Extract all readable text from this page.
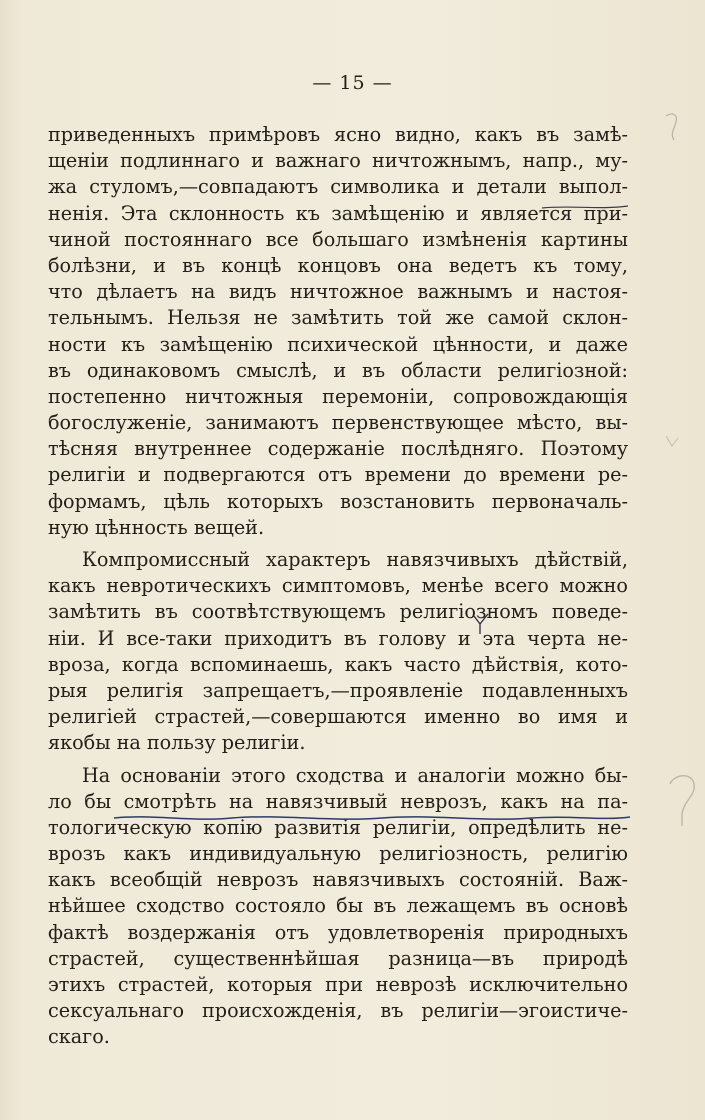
— 15 —
приведенныхъ примѣровъ ясно видно, какъ въ замѣ-
щеніи подлиннаго и важнаго ничтожнымъ, напр., му-
жа стуломъ,—совпадаютъ символика и детали выпол-
ненія. Эта склонность къ замѣщенію и является при-
чиной постояннаго все большаго измѣненія картины
болѣзни, и въ концѣ концовъ она ведетъ къ тому,
что дѣлаетъ на видъ ничтожное важнымъ и настоя-
тельнымъ. Нельзя не замѣтить той же самой склон-
ности къ замѣщенію психической цѣнности, и даже
въ одинаковомъ смыслѣ, и въ области религіозной:
постепенно ничтожныя перемоніи, сопровождающія
богослуженіе, занимаютъ первенствующее мѣсто, вы-
тѣсняя внутреннее содержаніе послѣдняго. Поэтому
религіи и подвергаются отъ времени до времени ре-
формамъ, цѣль которыхъ возстановить первоначаль-
ную цѣнность вещей.
Компромиссный характеръ навязчивыхъ дѣйствій,
какъ невротическихъ симптомовъ, менѣе всего можно
замѣтить въ соотвѣтствующемъ религіозномъ поведе-
ніи. И все-таки приходитъ въ голову и эта черта не-
вроза, когда вспоминаешь, какъ часто дѣйствія, кото-
рыя религія запрещаетъ,—проявленіе подавленныхъ
религіей страстей,—совершаются именно во имя и
якобы на пользу религіи.
На основаніи этого сходства и аналогіи можно бы-
ло бы смотрѣть на навязчивый неврозъ, какъ на па-
тологическую копію развитія религіи, опредѣлить не-
врозъ какъ индивидуальную религіозность, религію
какъ всеобщій неврозъ навязчивыхъ состояній. Важ-
нѣйшее сходство состояло бы въ лежащемъ въ основѣ
фактѣ воздержанія отъ удовлетворенія природныхъ
страстей, существеннѣйшая разница—въ природѣ
этихъ страстей, которыя при неврозѣ исключительно
сексуальнаго происхожденія, въ религіи—эгоистиче-
скаго.
